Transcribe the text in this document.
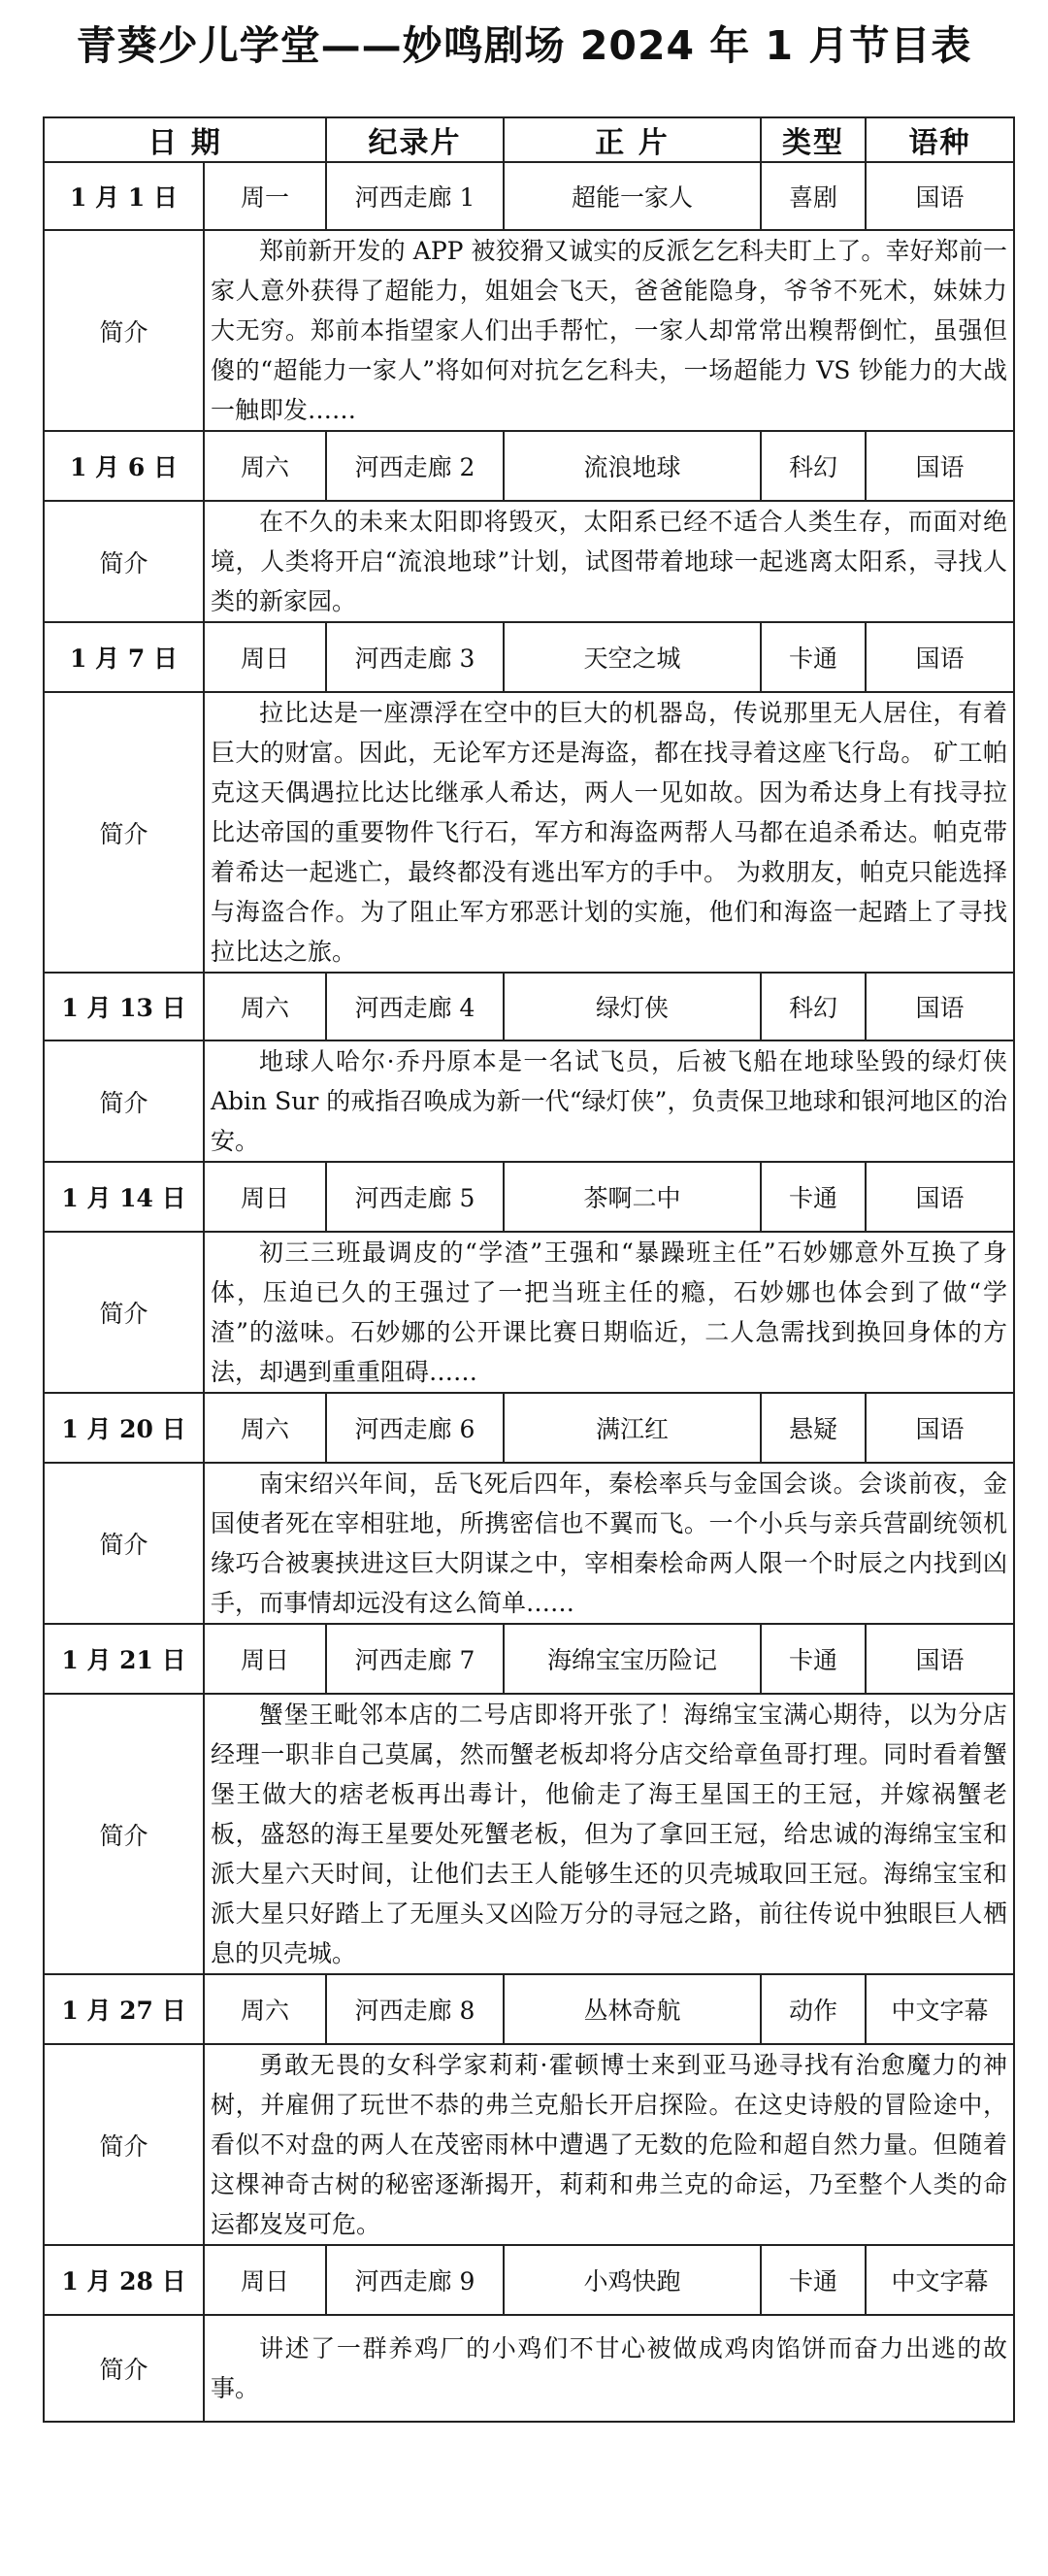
青葵少儿学堂——妙鸣剧场 2024 年 1 月节目表
日 期		纪录片	正 片	类型	语种
1 月 1 日	周一	河西走廊 1	超能一家人	喜剧	国语
简介	郑前新开发的 APP 被狡猾又诚实的反派乞乞科夫盯上了。幸好郑前一家人意外获得了超能力，姐姐会飞天，爸爸能隐身，爷爷不死术，妹妹力大无穷。郑前本指望家人们出手帮忙，一家人却常常出糗帮倒忙，虽强但傻的“超能力一家人”将如何对抗乞乞科夫，一场超能力 VS 钞能力的大战一触即发……				

1 月 6 日	周六	河西走廊 2	流浪地球	科幻	国语
简介	在不久的未来太阳即将毁灭，太阳系已经不适合人类生存，而面对绝境，人类将开启“流浪地球”计划，试图带着地球一起逃离太阳系，寻找人类的新家园。				

1 月 7 日	周日	河西走廊 3	天空之城	卡通	国语
简介	拉比达是一座漂浮在空中的巨大的机器岛，传说那里无人居住，有着巨大的财富。因此，无论军方还是海盗，都在找寻着这座飞行岛。 矿工帕克这天偶遇拉比达比继承人希达，两人一见如故。因为希达身上有找寻拉比达帝国的重要物件飞行石，军方和海盗两帮人马都在追杀希达。帕克带着希达一起逃亡，最终都没有逃出军方的手中。 为救朋友，帕克只能选择与海盗合作。为了阻止军方邪恶计划的实施，他们和海盗一起踏上了寻找拉比达之旅。				

1 月 13 日	周六	河西走廊 4	绿灯侠	科幻	国语
简介	地球人哈尔·乔丹原本是一名试飞员，后被飞船在地球坠毁的绿灯侠 Abin Sur 的戒指召唤成为新一代“绿灯侠”，负责保卫地球和银河地区的治安。				

1 月 14 日	周日	河西走廊 5	茶啊二中	卡通	国语
简介	初三三班最调皮的“学渣”王强和“暴躁班主任”石妙娜意外互换了身体，压迫已久的王强过了一把当班主任的瘾，石妙娜也体会到了做“学渣”的滋味。石妙娜的公开课比赛日期临近，二人急需找到换回身体的方法，却遇到重重阻碍……				

1 月 20 日	周六	河西走廊 6	满江红	悬疑	国语
简介	南宋绍兴年间，岳飞死后四年，秦桧率兵与金国会谈。会谈前夜，金国使者死在宰相驻地，所携密信也不翼而飞。一个小兵与亲兵营副统领机缘巧合被裹挟进这巨大阴谋之中，宰相秦桧命两人限一个时辰之内找到凶手，而事情却远没有这么简单……				

1 月 21 日	周日	河西走廊 7	海绵宝宝历险记	卡通	国语
简介	蟹堡王毗邻本店的二号店即将开张了！海绵宝宝满心期待，以为分店经理一职非自己莫属，然而蟹老板却将分店交给章鱼哥打理。同时看着蟹堡王做大的痞老板再出毒计，他偷走了海王星国王的王冠，并嫁祸蟹老板，盛怒的海王星要处死蟹老板，但为了拿回王冠，给忠诚的海绵宝宝和派大星六天时间，让他们去王人能够生还的贝壳城取回王冠。海绵宝宝和派大星只好踏上了无厘头又凶险万分的寻冠之路，前往传说中独眼巨人栖息的贝壳城。				

1 月 27 日	周六	河西走廊 8	丛林奇航	动作	中文字幕
简介	勇敢无畏的女科学家莉莉·霍顿博士来到亚马逊寻找有治愈魔力的神树，并雇佣了玩世不恭的弗兰克船长开启探险。在这史诗般的冒险途中，看似不对盘的两人在茂密雨林中遭遇了无数的危险和超自然力量。但随着这棵神奇古树的秘密逐渐揭开，莉莉和弗兰克的命运，乃至整个人类的命运都岌岌可危。				

1 月 28 日	周日	河西走廊 9	小鸡快跑	卡通	中文字幕
简介	讲述了一群养鸡厂的小鸡们不甘心被做成鸡肉馅饼而奋力出逃的故事。				
